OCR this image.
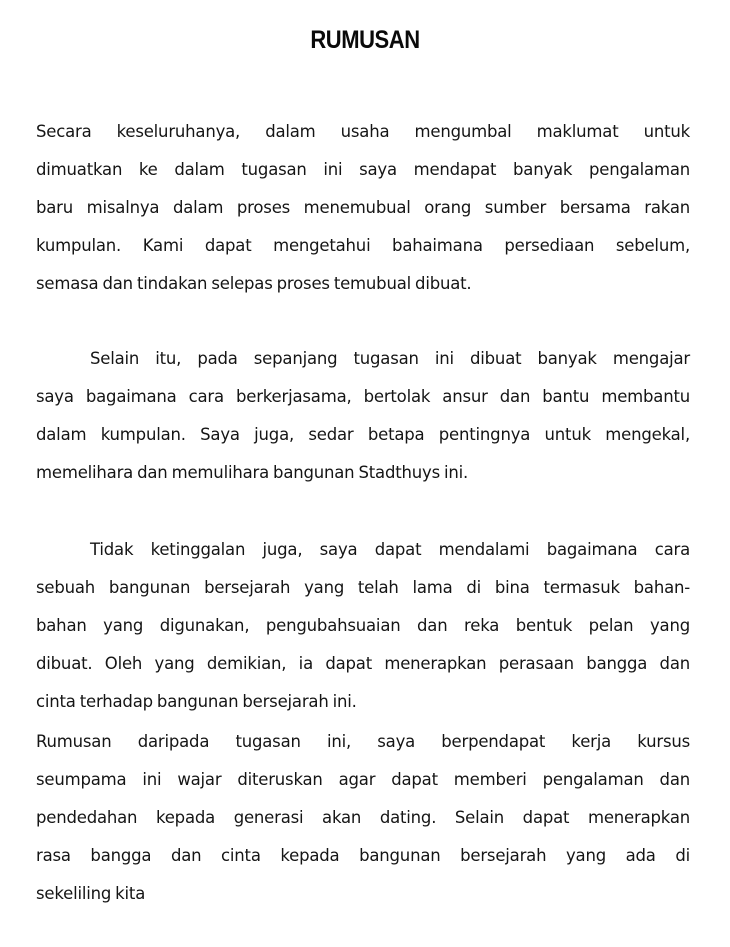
RUMUSAN
Secara keseluruhanya, dalam usaha mengumbal maklumat untuk
dimuatkan ke dalam tugasan ini saya mendapat banyak pengalaman
baru misalnya dalam proses menemubual orang sumber bersama rakan
kumpulan. Kami dapat mengetahui bahaimana persediaan sebelum,
semasa dan tindakan selepas proses temubual dibuat.
Selain itu, pada sepanjang tugasan ini dibuat banyak mengajar
saya bagaimana cara berkerjasama, bertolak ansur dan bantu membantu
dalam kumpulan. Saya juga, sedar betapa pentingnya untuk mengekal,
memelihara dan memulihara bangunan Stadthuys ini.
Tidak ketinggalan juga, saya dapat mendalami bagaimana cara
sebuah bangunan bersejarah yang telah lama di bina termasuk bahan-
bahan yang digunakan, pengubahsuaian dan reka bentuk pelan yang
dibuat. Oleh yang demikian, ia dapat menerapkan perasaan bangga dan
cinta terhadap bangunan bersejarah ini.
Rumusan daripada tugasan ini, saya berpendapat kerja kursus
seumpama ini wajar diteruskan agar dapat memberi pengalaman dan
pendedahan kepada generasi akan dating. Selain dapat menerapkan
rasa bangga dan cinta kepada bangunan bersejarah yang ada di
sekeliling kita
